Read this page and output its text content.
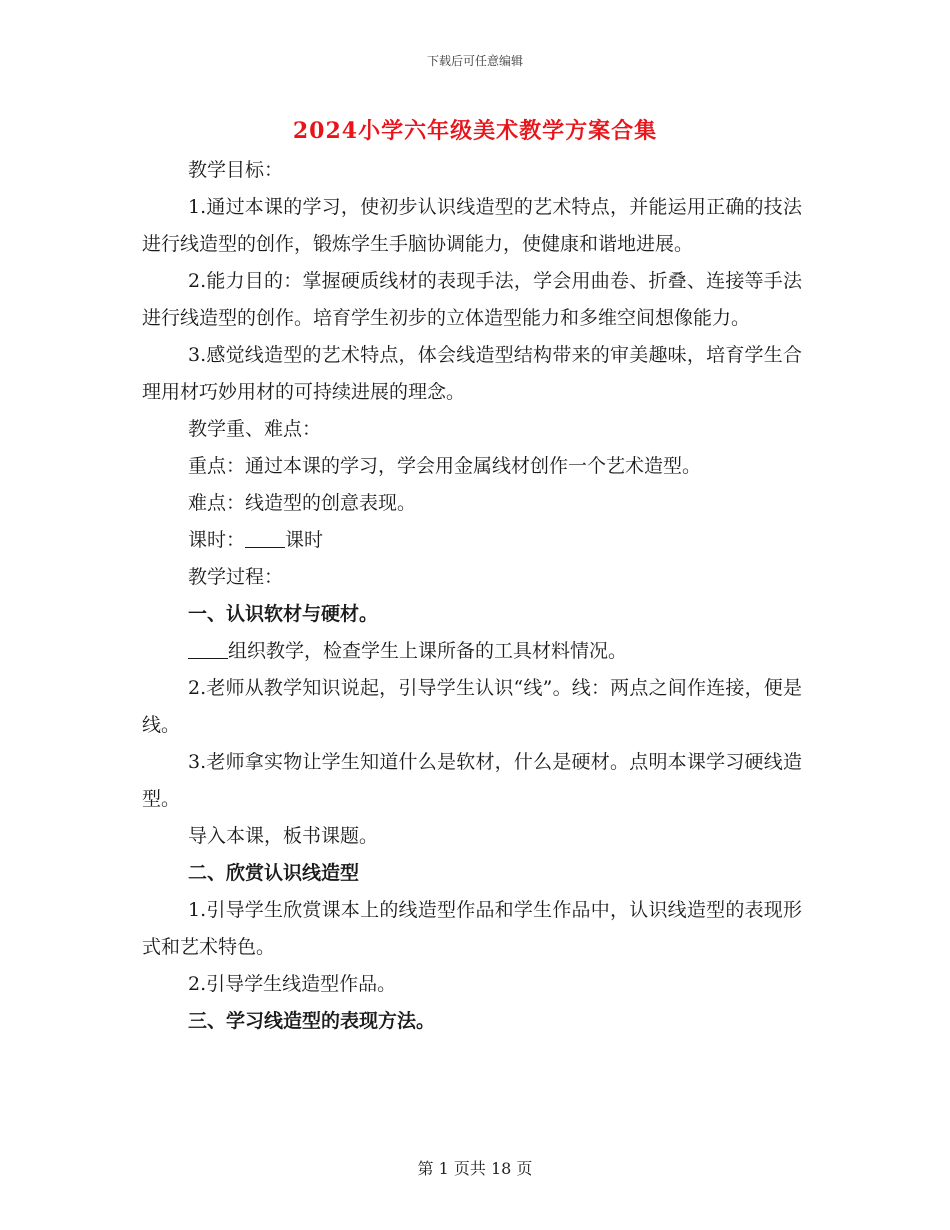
下载后可任意编辑
2024小学六年级美术教学方案合集

教学目标：

1.通过本课的学习，使初步认识线造型的艺术特点，并能运用正确的技法进行线造型的创作，锻炼学生手脑协调能力，使健康和谐地进展。

2.能力目的：掌握硬质线材的表现手法，学会用曲卷、折叠、连接等手法进行线造型的创作。培育学生初步的立体造型能力和多维空间想像能力。

3.感觉线造型的艺术特点，体会线造型结构带来的审美趣味，培育学生合理用材巧妙用材的可持续进展的理念。

教学重、难点：

重点：通过本课的学习，学会用金属线材创作一个艺术造型。

难点：线造型的创意表现。

课时： 课时

教学过程：

一、认识软材与硬材。

组织教学，检查学生上课所备的工具材料情况。

2.老师从教学知识说起，引导学生认识“线”。线：两点之间作连接，便是线。

3.老师拿实物让学生知道什么是软材，什么是硬材。点明本课学习硬线造型。

导入本课，板书课题。

二、欣赏认识线造型

1.引导学生欣赏课本上的线造型作品和学生作品中，认识线造型的表现形式和艺术特色。

2.引导学生线造型作品。

三、学习线造型的表现方法。

第 1 页共 18 页
